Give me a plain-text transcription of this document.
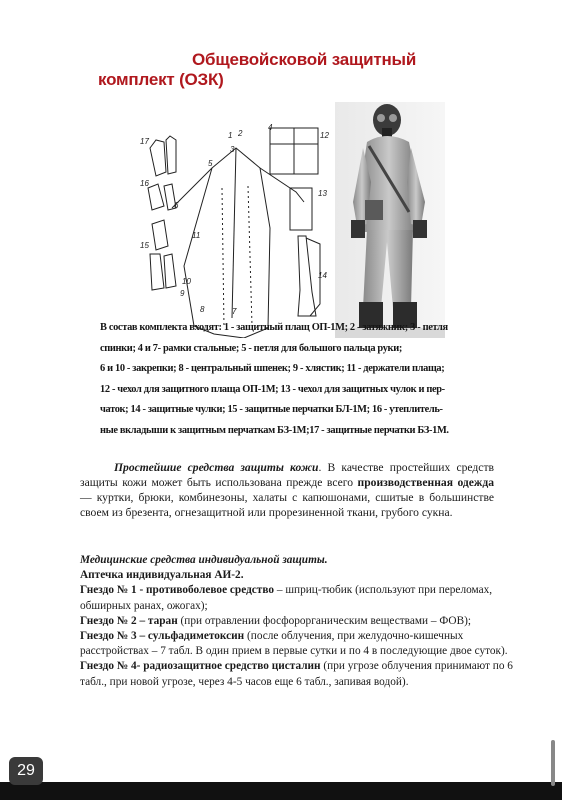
Общевойсковой защитный
комплект (ОЗК)
17
16
1 2
3
4
12
5
13
6
15
11
10
9
8	7
14

В состав комплекта входят: 1 - защитный плащ ОП-1М; 2 - затяжник; 3 - петля

спинки; 4 и 7- рамки стальные; 5 - петля для большого пальца руки;

6 и 10 - закрепки; 8 - центральный шпенек; 9 - хлястик; 11 - держатели плаща;

12 - чехол для защитного плаща ОП-1М; 13 - чехол для защитных чулок и пер-

чаток; 14 - защитные чулки; 15 - защитные перчатки БЛ-1М; 16 - утеплитель-

ные вкладыши к защитным перчаткам БЗ-1М;17 - защитные перчатки БЗ-1М.

Простейшие средства защиты кожи. В качестве простейших средств защиты кожи может быть использована прежде всего производственная одежда — куртки, брюки, комбинезоны, халаты с капюшонами, сшитые в большинстве своем из брезента, огнезащитной или прорезиненной ткани, грубого сукна.

Медицинские средства индивидуальной защиты.

Аптечка индивидуальная АИ-2.

Гнездо № 1 - противоболевое средство – шприц-тюбик (используют при переломах, обширных ранах, ожогах);

Гнездо № 2 – таран (при отравлении фосфорорганическим веществами – ФОВ);

Гнездо № 3 – сульфадиметоксин (после облучения, при желудочно-кишечных расстройствах – 7 табл. В один прием в первые сутки и по 4 в последующие двое суток).

Гнездо № 4- радиозащитное средство цисталин (при угрозе облучения принимают по 6 табл., при новой угрозе, через 4-5 часов еще 6 табл., запивая водой).

29
